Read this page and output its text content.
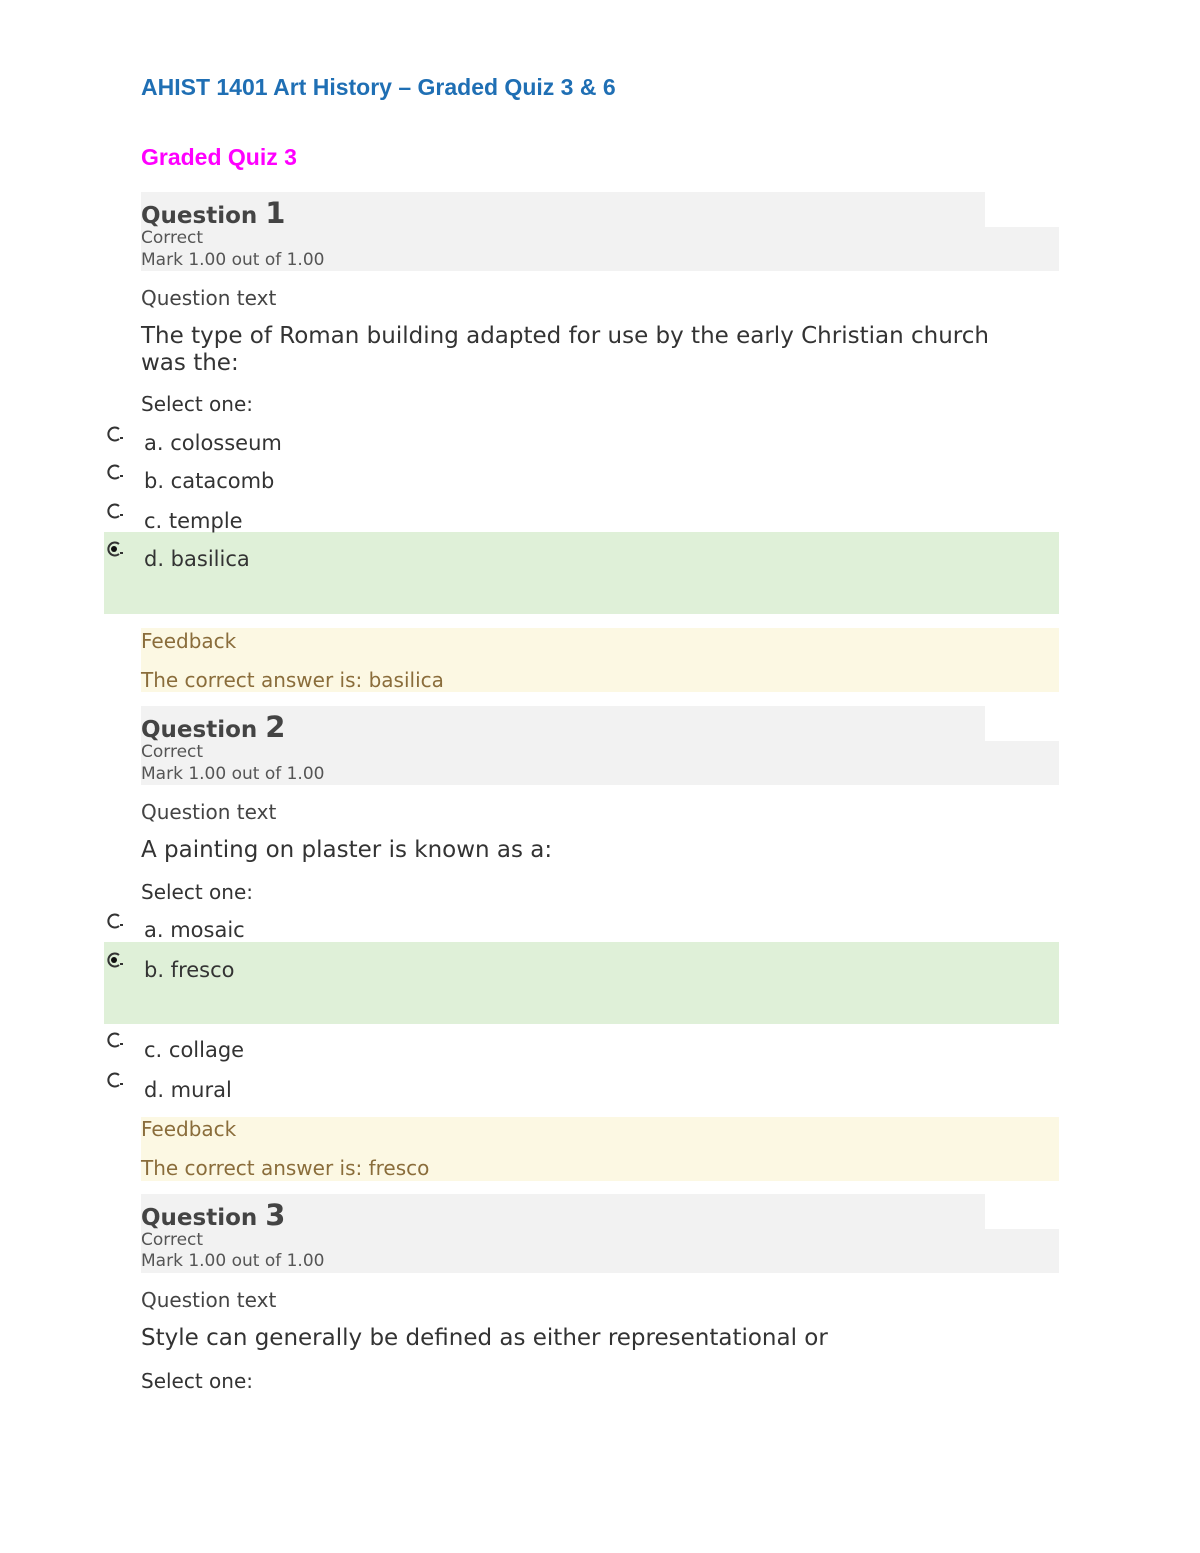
AHIST 1401 Art History – Graded Quiz 3 & 6
Graded Quiz 3
Question 1
Correct
Mark 1.00 out of 1.00
Question text
The type of Roman building adapted for use by the early Christian church was the:
Select one:
a. colosseum
b. catacomb
c. temple
d. basilica
Feedback
The correct answer is: basilica
Question 2
Correct
Mark 1.00 out of 1.00
Question text
A painting on plaster is known as a:
Select one:
a. mosaic
b. fresco
c. collage
d. mural
Feedback
The correct answer is: fresco
Question 3
Correct
Mark 1.00 out of 1.00
Question text
Style can generally be defined as either representational or
Select one:
